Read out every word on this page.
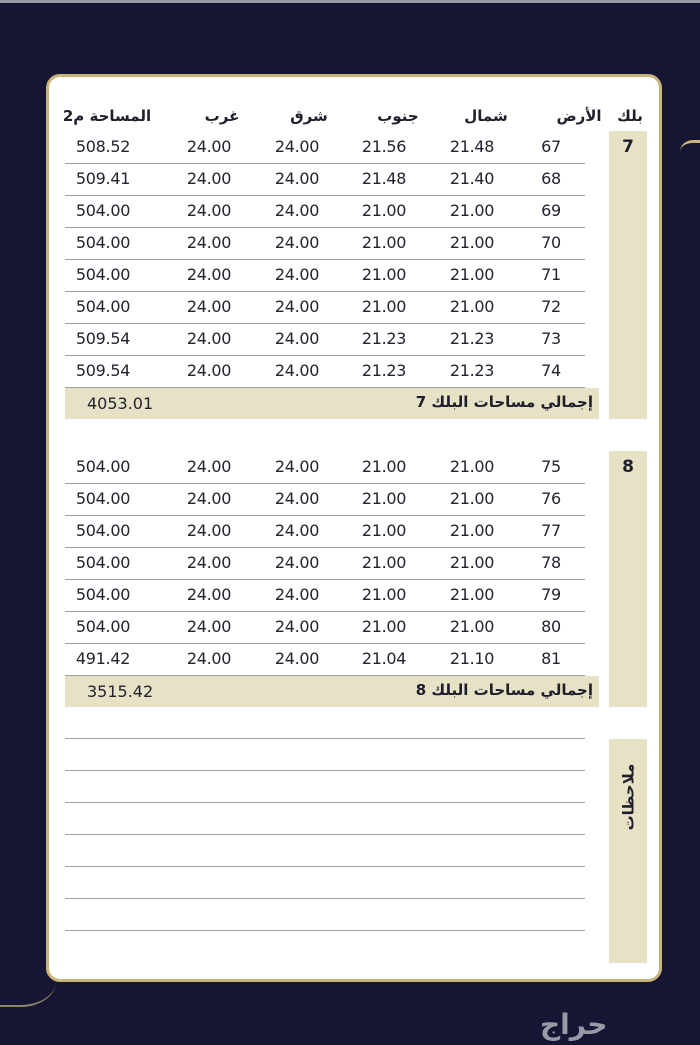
بلك
الأرض
شمال
جنوب
شرق
غرب
المساحة م2
7
8
67
21.48
21.56
24.00
24.00
508.52
68
21.40
21.48
24.00
24.00
509.41
69
21.00
21.00
24.00
24.00
504.00
70
21.00
21.00
24.00
24.00
504.00
71
21.00
21.00
24.00
24.00
504.00
72
21.00
21.00
24.00
24.00
504.00
73
21.23
21.23
24.00
24.00
509.54
74
21.23
21.23
24.00
24.00
509.54
إجمالي مساحات البلك 7
4053.01
75
21.00
21.00
24.00
24.00
504.00
76
21.00
21.00
24.00
24.00
504.00
77
21.00
21.00
24.00
24.00
504.00
78
21.00
21.00
24.00
24.00
504.00
79
21.00
21.00
24.00
24.00
504.00
80
21.00
21.00
24.00
24.00
504.00
81
21.10
21.04
24.00
24.00
491.42
إجمالي مساحات البلك 8
3515.42
ملاحظات
حراج
